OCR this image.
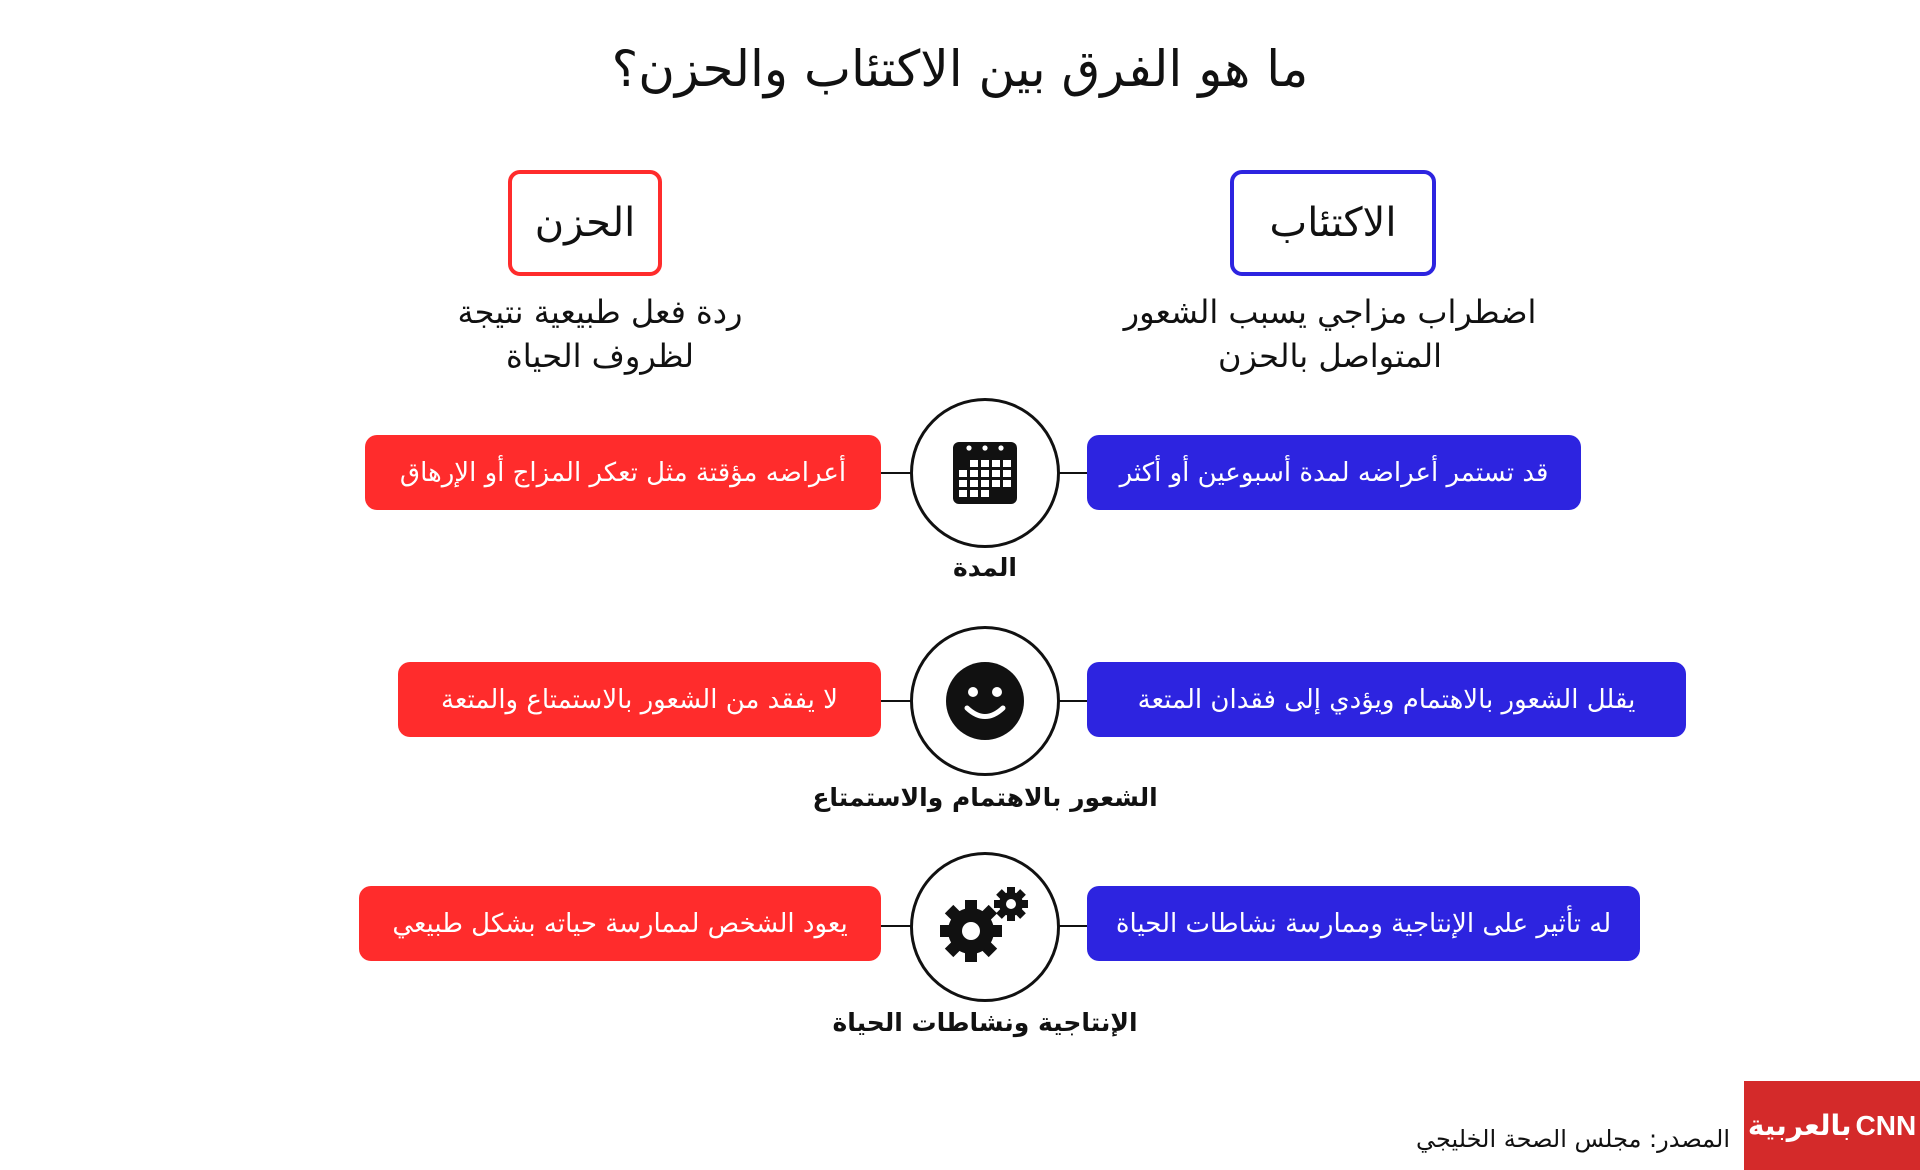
ما هو الفرق بين الاكتئاب والحزن؟
الاكتئاب
الحزن
اضطراب مزاجي يسبب الشعور
المتواصل بالحزن
ردة فعل طبيعية نتيجة
لظروف الحياة
قد تستمر أعراضه لمدة أسبوعين أو أكثر
أعراضه مؤقتة مثل تعكر المزاج أو الإرهاق
المدة
يقلل الشعور بالاهتمام ويؤدي إلى فقدان المتعة
لا يفقد من الشعور بالاستمتاع والمتعة
الشعور بالاهتمام والاستمتاع
له تأثير على الإنتاجية وممارسة نشاطات الحياة
يعود الشخص لممارسة حياته بشكل طبيعي
الإنتاجية ونشاطات الحياة
المصدر: مجلس الصحة الخليجي بالعربية CNN
